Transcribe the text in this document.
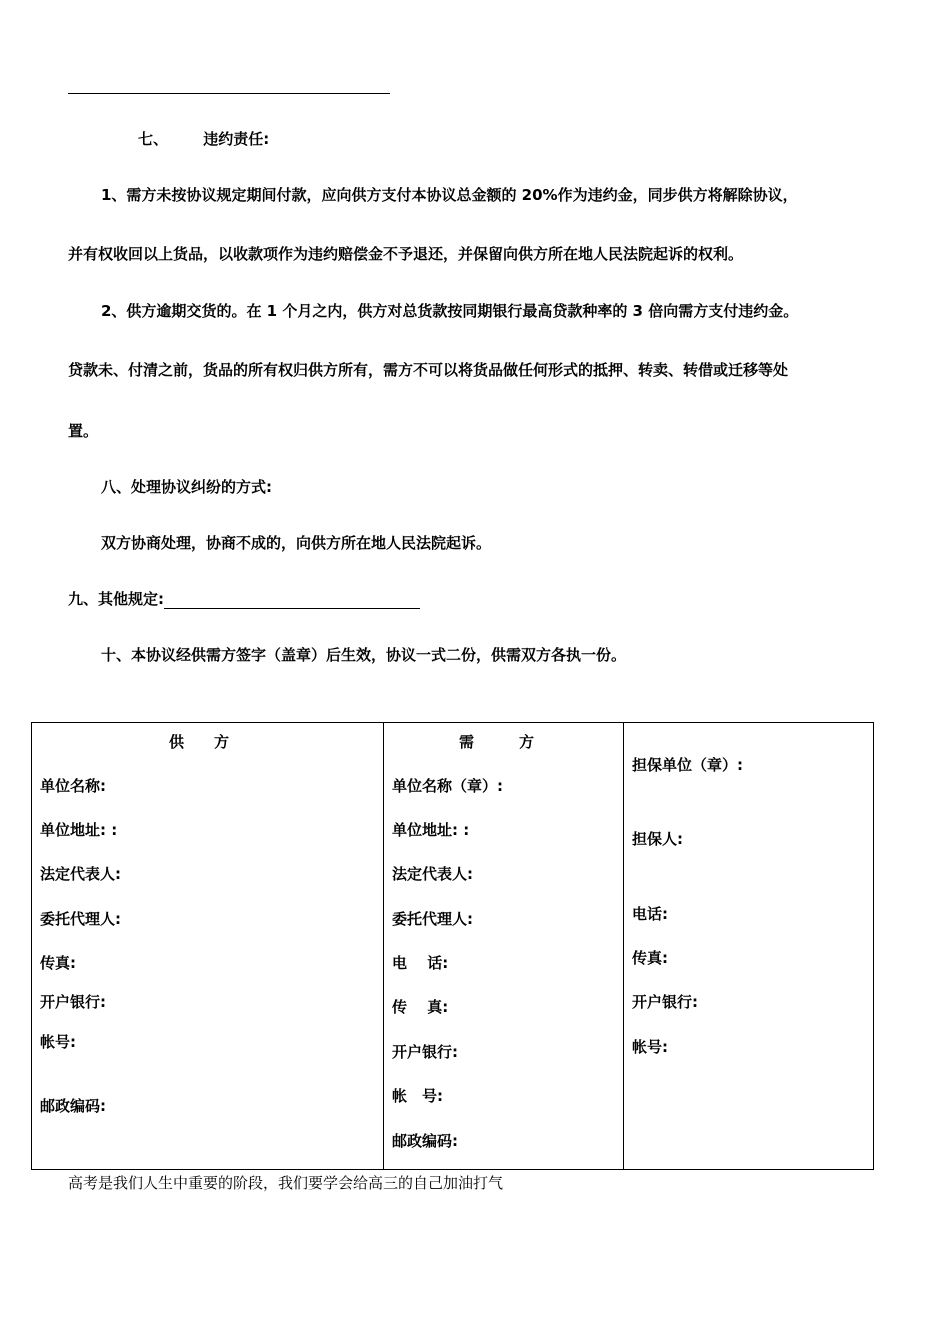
七、 违约责任:
1、需方未按协议规定期间付款，应向供方支付本协议总金额的 20%作为违约金，同步供方将解除协议，
并有权收回以上货品，以收款项作为违约赔偿金不予退还，并保留向供方所在地人民法院起诉的权利。
2、供方逾期交货的。在 1 个月之内，供方对总货款按同期银行最高贷款种率的 3 倍向需方支付违约金。
贷款未、付清之前，货品的所有权归供方所有，需方不可以将货品做任何形式的抵押、转卖、转借或迁移等处
置。
八、处理协议纠纷的方式:
双方协商处理，协商不成的，向供方所在地人民法院起诉。
九、其他规定:
十、本协议经供需方签字（盖章）后生效，协议一式二份，供需双方各执一份。
供　　方
单位名称:
单位地址: :
法定代表人:
委托代理人:
传真:
开户银行:
帐号:
邮政编码:

需　　　方
单位名称（章）:
单位地址: :
法定代表人:
委托代理人:
电　 话:
传　 真:
开户银行:
帐　号:
邮政编码:

担保单位（章）:
担保人:
电话:
传真:
开户银行:
帐号:
高考是我们人生中重要的阶段，我们要学会给高三的自己加油打气
